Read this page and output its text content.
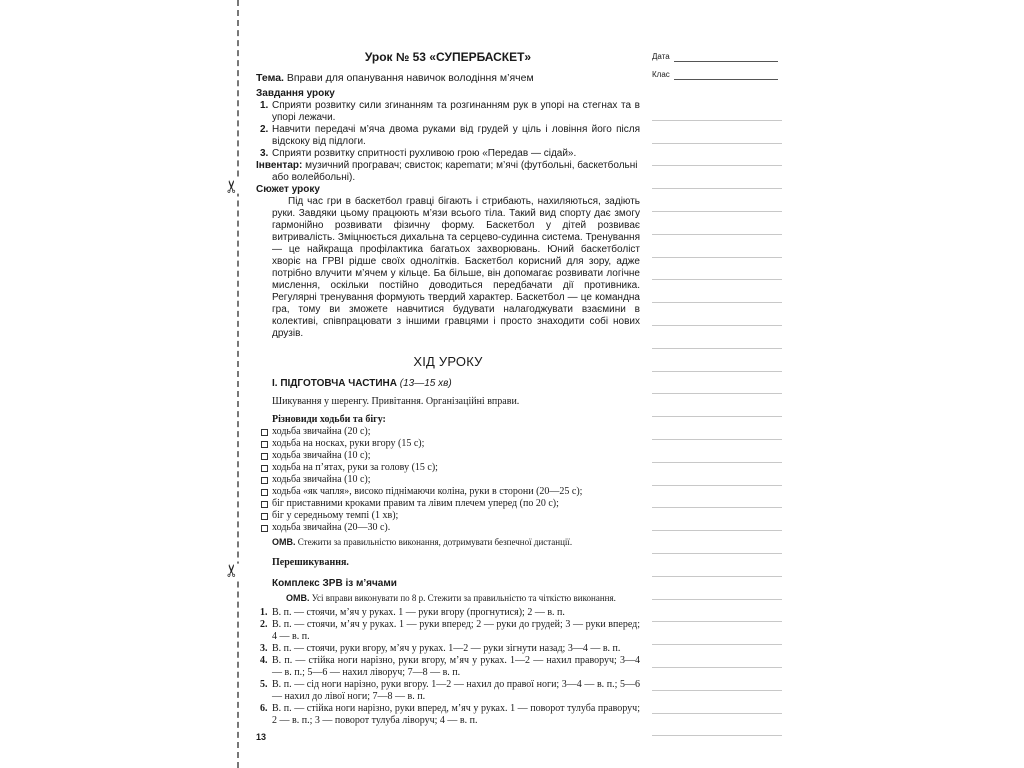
✂
✂
Урок № 53 «СУПЕРБАСКЕТ»
Тема. Вправи для опанування навичок володіння м’ячем
Завдання уроку
1. Сприяти розвитку сили згинанням та розгинанням рук в упорі на стегнах та в упорі лежачи.
2. Навчити передачі м’яча двома руками від грудей у ціль і ловіння його після відскоку від підлоги.
3. Сприяти розвитку спритності рухливою грою «Передав — сідай».
Інвентар: музичний програвач; свисток; карemати; м’ячі (футбольні, баскетбольні або волейбольні).
Сюжет уроку

Під час гри в баскетбол гравці бігають і стрибають, нахиляються, задіють руки. Завдяки цьому працюють м’язи всього тіла. Такий вид спорту дає змогу гармонійно розвивати фізичну форму. Баскетбол у дітей розвиває витривалість. Зміцнюється дихальна та серцево-судинна система. Тренування — це найкраща профілактика багатьох захворювань. Юний баскетболіст хворіє на ГРВІ рідше своїх однолітків. Баскетбол корисний для зору, адже потрібно влучити м’ячем у кільце. Ба більше, він допомагає розвивати логічне мислення, оскільки постійно доводиться передбачати дії противника. Регулярні тренування формують твердий характер. Баскетбол — це командна гра, тому ви зможете навчитися будувати налагоджувати взаємини в колективі, співпрацювати з іншими гравцями і просто знаходити собі нових друзів.

ХІД УРОКУ
І. ПІДГОТОВЧА ЧАСТИНА (13—15 хв)
Шикування у шеренгу. Привітання. Організаційні вправи.
Різновиди ходьби та бігу:
ходьба звичайна (20 с);
ходьба на носках, руки вгору (15 с);
ходьба звичайна (10 с);
ходьба на п’ятах, руки за голову (15 с);
ходьба звичайна (10 с);
ходьба «як чапля», високо піднімаючи коліна, руки в сторони (20—25 с);
біг приставними кроками правим та лівим плечем уперед (по 20 с);
біг у середньому темпі (1 хв);
ходьба звичайна (20—30 с).
ОМВ. Стежити за правильністю виконання, дотримувати безпечної дистанції.
Перешикування.
Комплекс ЗРВ із м’ячами
ОМВ. Усі вправи виконувати по 8 р. Стежити за правильністю та чіткістю виконання.
1. В. п. — стоячи, м’яч у руках. 1 — руки вгору (прогнутися); 2 — в. п.
2. В. п. — стоячи, м’яч у руках. 1 — руки вперед; 2 — руки до грудей; 3 — руки вперед; 4 — в. п.
3. В. п. — стоячи, руки вгору, м’яч у руках. 1—2 — руки зігнути назад; 3—4 — в. п.
4. В. п. — стійка ноги нарізно, руки вгору, м’яч у руках. 1—2 — нахил праворуч; 3—4 — в. п.; 5—6 — нахил ліворуч; 7—8 — в. п.
5. В. п. — сід ноги нарізно, руки вгору. 1—2 — нахил до правої ноги; 3—4 — в. п.; 5—6 — нахил до лівої ноги; 7—8 — в. п.
6. В. п. — стійка ноги нарізно, руки вперед, м’яч у руках. 1 — поворот тулуба праворуч; 2 — в. п.; 3 — поворот тулуба ліворуч; 4 — в. п.
13
Дата
Клас
